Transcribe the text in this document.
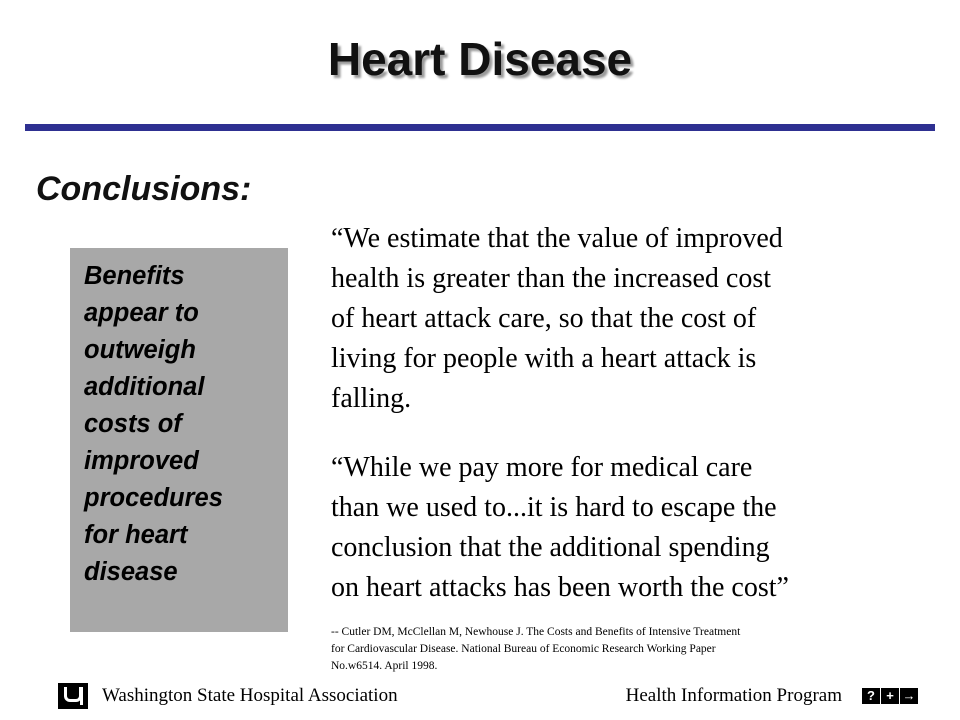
Heart Disease
Conclusions:
Benefits
appear to
outweigh
additional
costs of
improved
procedures
for heart
disease
“We estimate that the value of improved
health is greater than the increased cost
of heart attack care, so that the cost of
living for people with a heart attack is
falling.
“While we pay more for medical care
than we used to...it is hard to escape the
conclusion that the additional spending
on heart attacks has been worth the cost”
-- Cutler DM, McClellan M, Newhouse J. The Costs and Benefits of Intensive Treatment
for Cardiovascular Disease. National Bureau of Economic Research Working Paper
No.w6514. April 1998.
Washington State Hospital Association	Health Information Program	? + →
